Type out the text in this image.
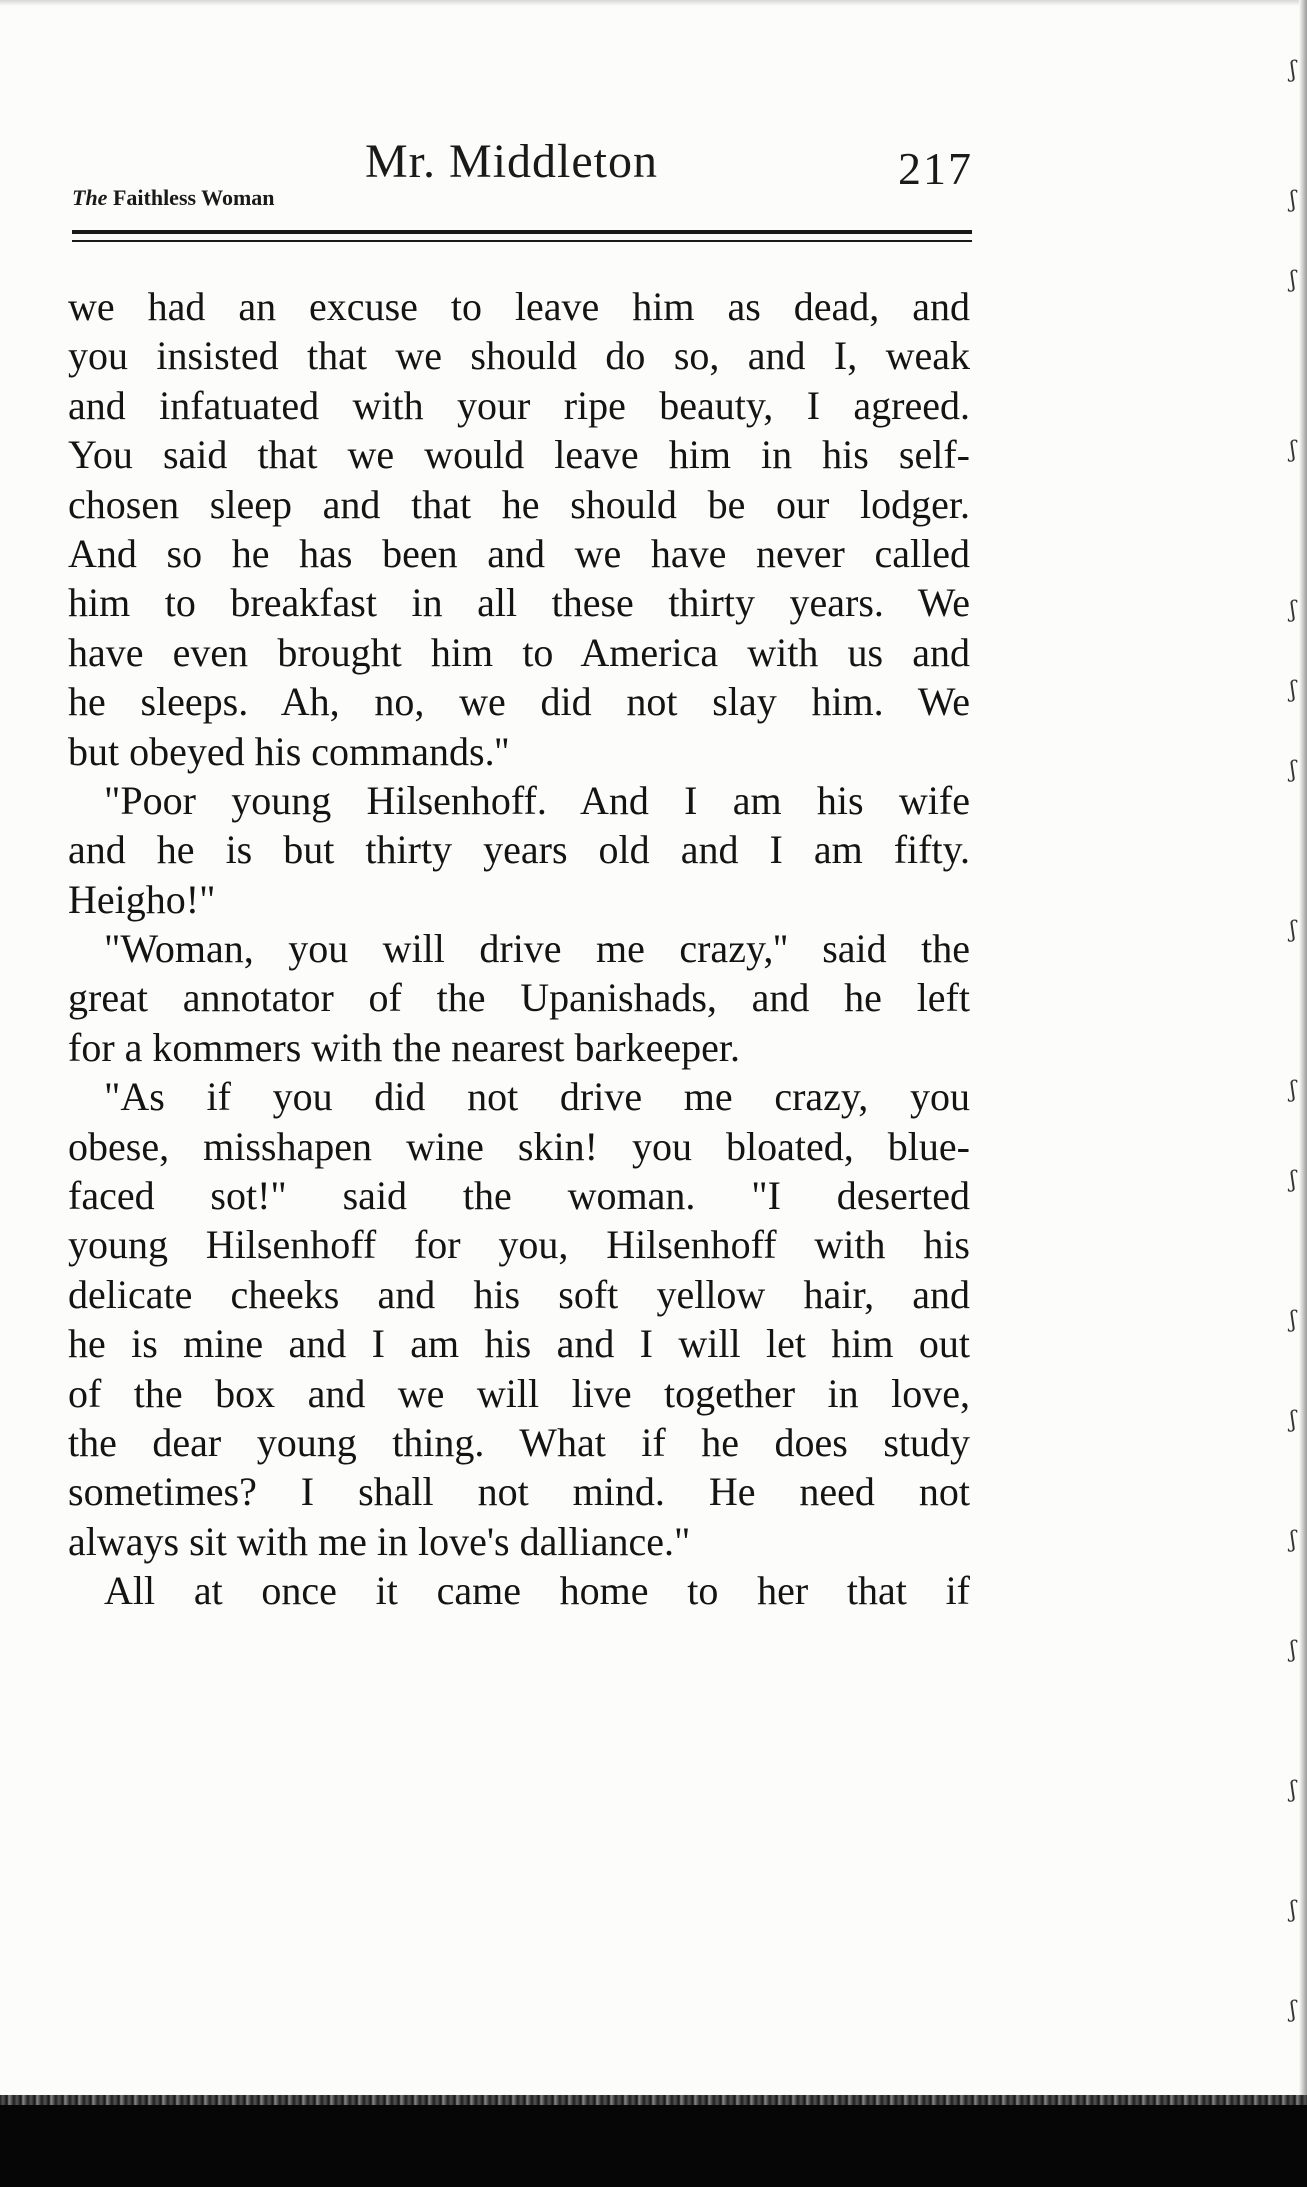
ʃ
ʃ
ʃ
ʃ
ʃ
ʃ
ʃ
ʃ
ʃ
ʃ
ʃ
ʃ
ʃ
ʃ
ʃ
ʃ
ʃ
Mr. Middleton	217
The Faithless Woman
we had an excuse to leave him as dead, and
you insisted that we should do so, and I, weak
and infatuated with your ripe beauty, I agreed.
You said that we would leave him in his self-
chosen sleep and that he should be our lodger.
And so he has been and we have never called
him to breakfast in all these thirty years. We
have even brought him to America with us and
he sleeps. Ah, no, we did not slay him. We
but obeyed his commands.''
"Poor young Hilsenhoff. And I am his wife
and he is but thirty years old and I am fifty.
Heigho!"
"Woman, you will drive me crazy,'' said the
great annotator of the Upanishads, and he left
for a kommers with the nearest barkeeper.
"As if you did not drive me crazy, you
obese, misshapen wine skin! you bloated, blue-
faced sot!" said the woman. "I deserted
young Hilsenhoff for you, Hilsenhoff with his
delicate cheeks and his soft yellow hair, and
he is mine and I am his and I will let him out
of the box and we will live together in love,
the dear young thing. What if he does study
sometimes? I shall not mind. He need not
always sit with me in love's dalliance."
All at once it came home to her that if
